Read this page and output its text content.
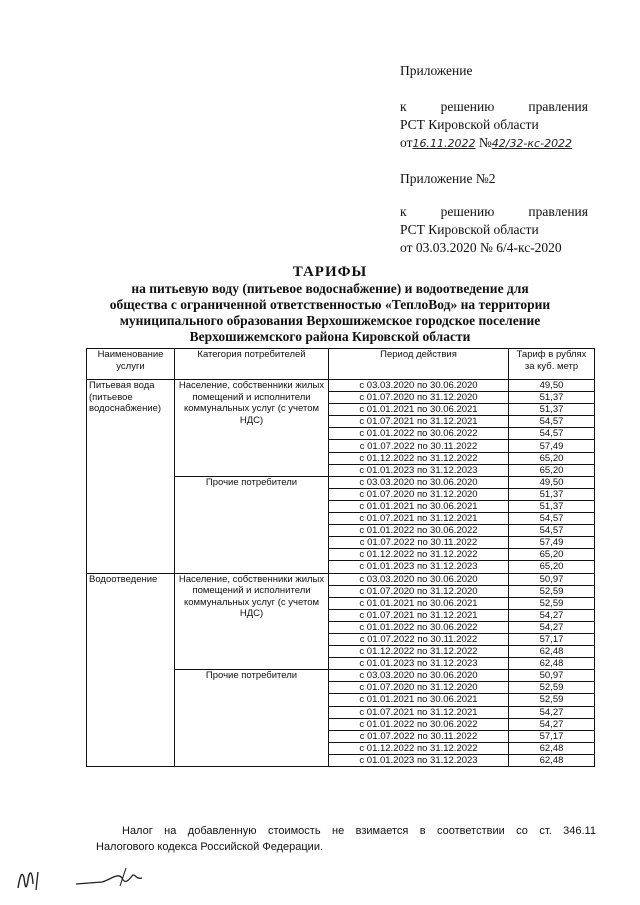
Приложение
к	решению	правления
РСТ Кировской области
от16.11.2022 №42/32-кс-2022
Приложение №2
к	решению	правления
РСТ Кировской области
от 03.03.2020 № 6/4-кс-2020
ТАРИФЫ
на питьевую воду (питьевое водоснабжение) и водоотведение для
общества с ограниченной ответственностью «ТеплоВод» на территории
муниципального образования Верхошижемское городское поселение
Верхошижемского района Кировской области
Наименование услуги	Категория потребителей	Период действия	Тариф в рублях за куб. метр
Питьевая вода (питьевое водоснабжение)	Население, собственники жилых помещений и исполнители коммунальных услуг (с учетом НДС)	с 03.03.2020 по 30.06.2020	49,50
		с 01.07.2020 по 31.12.2020	51,37
		с 01.01.2021 по 30.06.2021	51,37
		с 01.07.2021 по 31.12.2021	54,57
		с 01.01.2022 по 30.06.2022	54,57
		с 01.07.2022 по 30.11.2022	57,49
		с 01.12.2022 по 31.12.2022	65,20
		с 01.01.2023 по 31.12.2023	65,20
	Прочие потребители	с 03.03.2020 по 30.06.2020	49,50
		с 01.07.2020 по 31.12.2020	51,37
		с 01.01.2021 по 30.06.2021	51,37
		с 01.07.2021 по 31.12.2021	54,57
		с 01.01.2022 по 30.06.2022	54,57
		с 01.07.2022 по 30.11.2022	57,49
		с 01.12.2022 по 31.12.2022	65,20
		с 01.01.2023 по 31.12.2023	65,20
Водоотведение	Население, собственники жилых помещений и исполнители коммунальных услуг (с учетом НДС)	с 03.03.2020 по 30.06.2020	50,97
		с 01.07.2020 по 31.12.2020	52,59
		с 01.01.2021 по 30.06.2021	52,59
		с 01.07.2021 по 31.12.2021	54,27
		с 01.01.2022 по 30.06.2022	54,27
		с 01.07.2022 по 30.11.2022	57,17
		с 01.12.2022 по 31.12.2022	62,48
		с 01.01.2023 по 31.12.2023	62,48
	Прочие потребители	с 03.03.2020 по 30.06.2020	50,97
		с 01.07.2020 по 31.12.2020	52,59
		с 01.01.2021 по 30.06.2021	52,59
		с 01.07.2021 по 31.12.2021	54,27
		с 01.01.2022 по 30.06.2022	54,27
		с 01.07.2022 по 30.11.2022	57,17
		с 01.12.2022 по 31.12.2022	62,48
		с 01.01.2023 по 31.12.2023	62,48
Налог на добавленную стоимость не взимается в соответствии со ст. 346.11
Налогового кодекса Российской Федерации.
